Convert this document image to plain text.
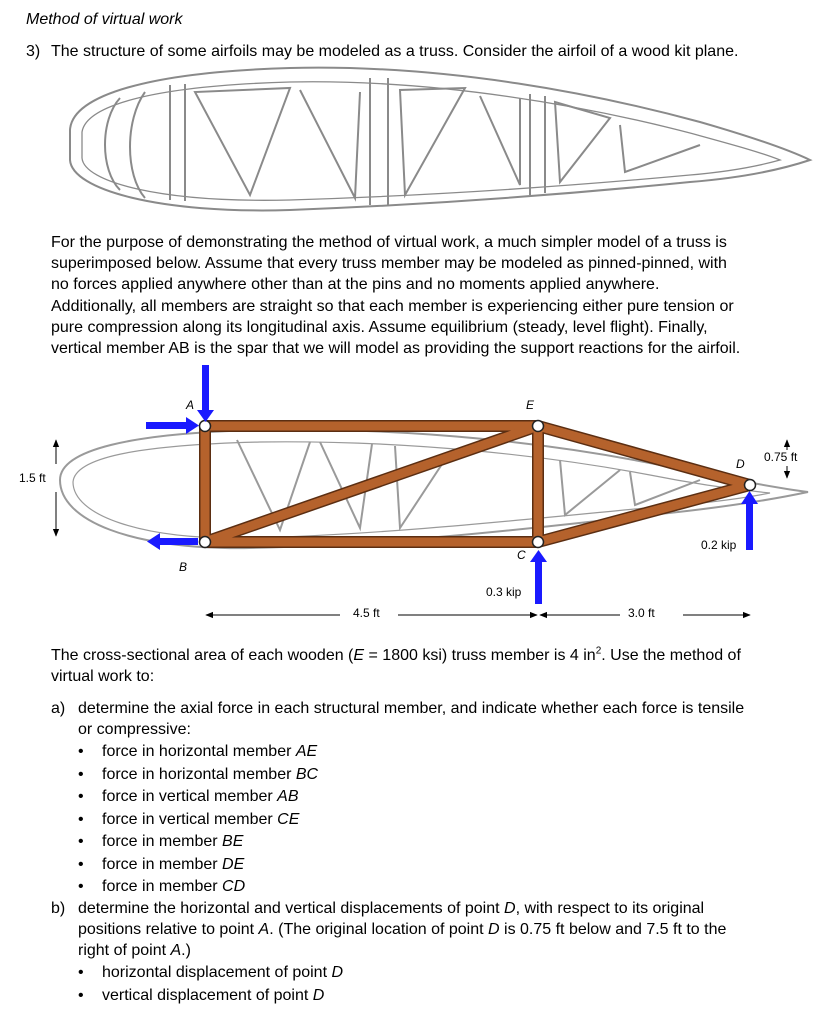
Method of virtual work
3) The structure of some airfoils may be modeled as a truss. Consider the airfoil of a wood kit plane.

For the purpose of demonstrating the method of virtual work, a much simpler model of a truss is

superimposed below. Assume that every truss member may be modeled as pinned-pinned, with

no forces applied anywhere other than at the pins and no moments applied anywhere.

Additionally, all members are straight so that each member is experiencing either pure tension or

pure compression along its longitudinal axis. Assume equilibrium (steady, level flight). Finally,

vertical member AB is the spar that we will model as providing the support reactions for the airfoil.

A
B
C
D
E
1.5 ft
0.75 ft
0.2 kip
0.3 kip
4.5 ft	3.0 ft
The cross-sectional area of each wooden (E = 1800 ksi) truss member is 4 $in^2$. Use the method of
virtual work to:
a) determine the axial force in each structural member, and indicate whether each force is tensile
or compressive:
• force in horizontal member AE
• force in horizontal member BC
• force in vertical member AB
• force in vertical member CE
• force in member BE
• force in member DE
• force in member CD
b) determine the horizontal and vertical displacements of point D, with respect to its original
positions relative to point A. (The original location of point D is 0.75 ft below and 7.5 ft to the
right of point A.)
• horizontal displacement of point D
• vertical displacement of point D
